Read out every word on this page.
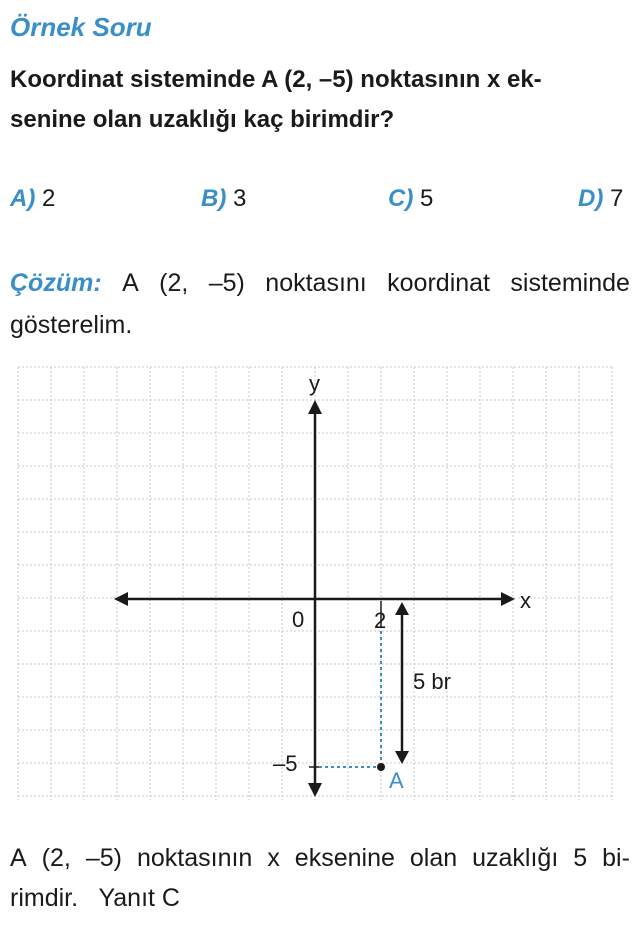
Örnek Soru
Koordinat sisteminde A (2, –5) noktasının x ek-
senine olan uzaklığı kaç birimdir?
A) 2	B) 3	C) 5	D) 7
Çözüm: A (2, –5) noktasını koordinat sisteminde
gösterelim.
x
y
0	2
–5
A
5 br
A (2, –5) noktasının x eksenine olan uzaklığı 5 bi-
rimdir. Yanıt C
